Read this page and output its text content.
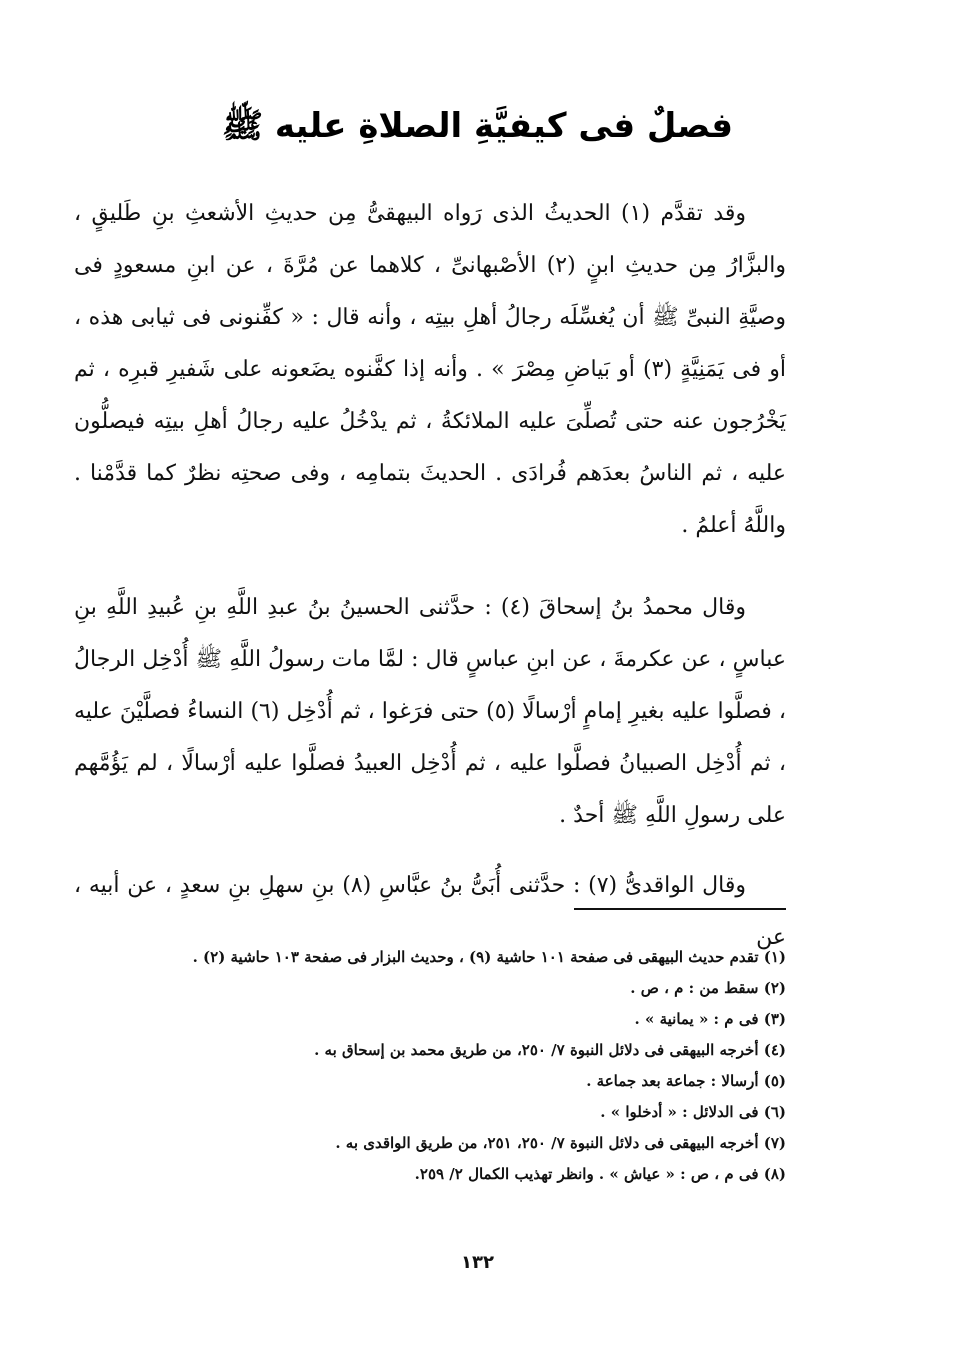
فصلٌ فى كيفيَّةِ الصلاةِ عليه ﷺ

وقد تقدَّم (١) الحديثُ الذى رَواه البيهقىُّ مِن حديثِ الأشعثِ بنِ طَليقٍ ، والبزَّارُ مِن حديثِ ابنٍ (٢) الأصْبهانىِّ ، كلاهما عن مُرَّةَ ، عن ابنِ مسعودٍ فى وصيَّةِ النبىِّ ﷺ أن يُغسِّلَه رجالُ أهلِ بيتِه ، وأنه قال : « كفِّنونى فى ثيابى هذه ، أو فى يَمَنِيَّةٍ (٣) أو بَياضِ مِصْرَ » . وأنه إذا كفَّنوه يضَعونه على شَفيرِ قبرِه ، ثم يَخْرُجون عنه حتى تُصلِّىَ عليه الملائكةُ ، ثم يدْخُلُ عليه رجالُ أهلِ بيتِه فيصلُّون عليه ، ثم الناسُ بعدَهم فُرادَى . الحديثَ بتمامِه ، وفى صحتِه نظرٌ كما قدَّمْنا . واللَّهُ أعلمُ .

وقال محمدُ بنُ إسحاقَ (٤) : حدَّثنى الحسينُ بنُ عبدِ اللَّهِ بنِ عُبيدِ اللَّهِ بنِ عباسٍ ، عن عكرمةَ ، عن ابنِ عباسٍ قال : لمَّا مات رسولُ اللَّهِ ﷺ أُدْخِل الرجالُ ، فصلَّوا عليه بغيرِ إمامٍ أرْسالًا (٥) حتى فرَغوا ، ثم أُدْخِل (٦) النساءُ فصلَّيْنَ عليه ، ثم أُدْخِل الصبيانُ فصلَّوا عليه ، ثم أُدْخِل العبيدُ فصلَّوا عليه أرْسالًا ، لم يَؤُمَّهم على رسولِ اللَّهِ ﷺ أحدٌ .

وقال الواقدىُّ (٧) : حدَّثنى أُبَىُّ بنُ عبَّاسِ (٨) بنِ سهلِ بنِ سعدٍ ، عن أبيه ، عن

(١) تقدم حديث البيهقى فى صفحة ١٠١ حاشية (٩) ، وحديث البزار فى صفحة ١٠٣ حاشية (٢) .
(٢) سقط من : م ، ص .
(٣) فى م : « يمانية » .
(٤) أخرجه البيهقى فى دلائل النبوة ٧/ ٢٥٠، من طريق محمد بن إسحاق به .
(٥) أرسالا : جماعة بعد جماعة .
(٦) فى الدلائل : « أدخلوا » .
(٧) أخرجه البيهقى فى دلائل النبوة ٧/ ٢٥٠، ٢٥١، من طريق الواقدى به .
(٨) فى م ، ص : « عياش » . وانظر تهذيب الكمال ٢/ ٢٥٩.
١٣٢
